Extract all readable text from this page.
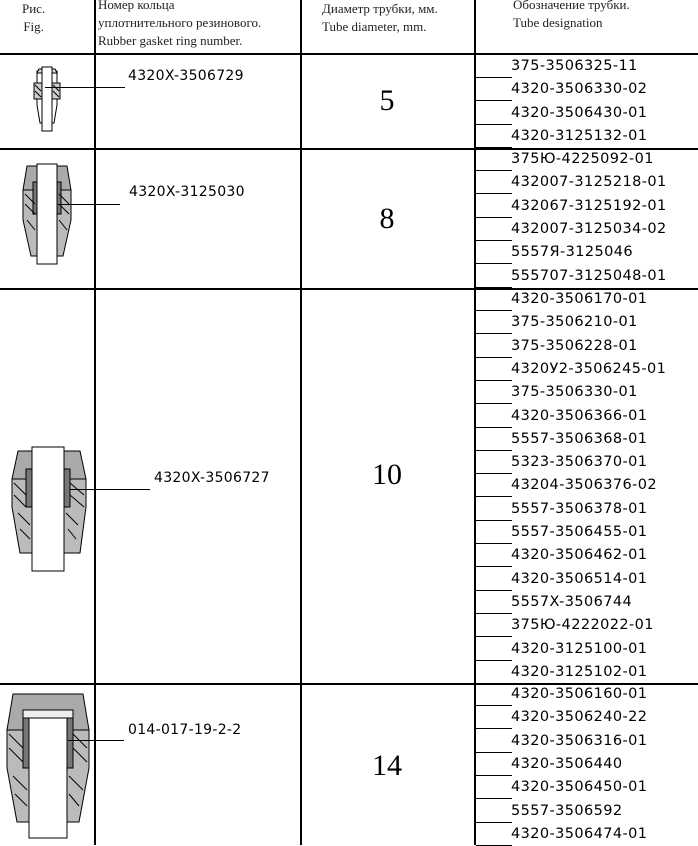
Рис.
Fig.
Номер кольца
уплотнительного резинового.
Rubber gasket ring number.
Диаметр трубки, мм.
Tube diameter, mm.
Обозначение трубки.
Tube designation
4320X-3506729
5
375-3506325-11
4320-3506330-02
4320-3506430-01
4320-3125132-01
4320X-3125030
8
375Ю-4225092-01
432007-3125218-01
432067-3125192-01
432007-3125034-02
5557Я-3125046
555707-3125048-01
4320X-3506727	10
4320-3506170-01
375-3506210-01
375-3506228-01
4320У2-3506245-01
375-3506330-01
4320-3506366-01
5557-3506368-01
5323-3506370-01
43204-3506376-02
5557-3506378-01
5557-3506455-01
4320-3506462-01
4320-3506514-01
5557X-3506744
375Ю-4222022-01
4320-3125100-01
4320-3125102-01
014-017-19-2-2
14
4320-3506160-01
4320-3506240-22
4320-3506316-01
4320-3506440
4320-3506450-01
5557-3506592
4320-3506474-01
